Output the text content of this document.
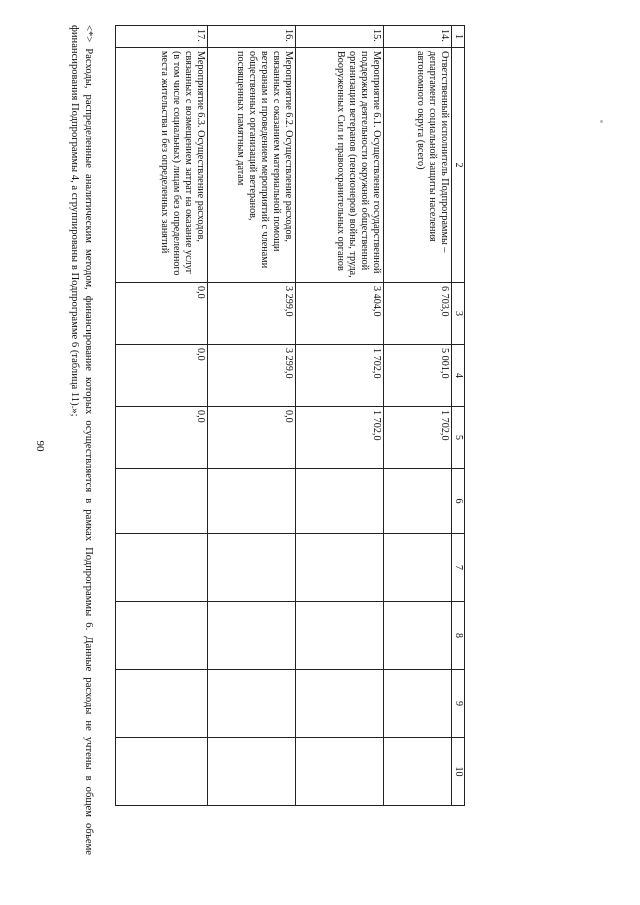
90
1	2	3	4	5	6	7	8	9	10
14.	Ответственный исполнитель Подпрограммы – департамент социальной защиты населения автономного округа (всего)	6 703,0	5 001,0	1 702,0					
15.	Мероприятие 6.1. Осуществление государственной поддержки деятельности окружной общественной организации ветеранов (пенсионеров) войны, труда, Вооруженных Сил и правоохранительных органов	3 404,0	1 702,0	1 702,0					
16.	Мероприятие 6.2. Осуществление расходов, связанных с оказанием материальной помощи ветеранам и проведением мероприятий с членами общественных организаций ветеранов, посвященных памятным датам	3 299,0	3 299,0	0,0					
17.	Мероприятие 6.3. Осуществление расходов, связанных с возмещением затрат на оказание услуг (в том числе социальных) лицам без определенного места жительства и без определенных занятий	0,0	0,0	0,0					
<*> Расходы, распределенные аналитическим методом, финансирование которых осуществляется в рамках Подпрограммы 6. Данные расходы не учтены в общем объеме финансирования Подпрограммы 4, а сгруппированы в Подпрограмме 6 (таблица 11).»;
